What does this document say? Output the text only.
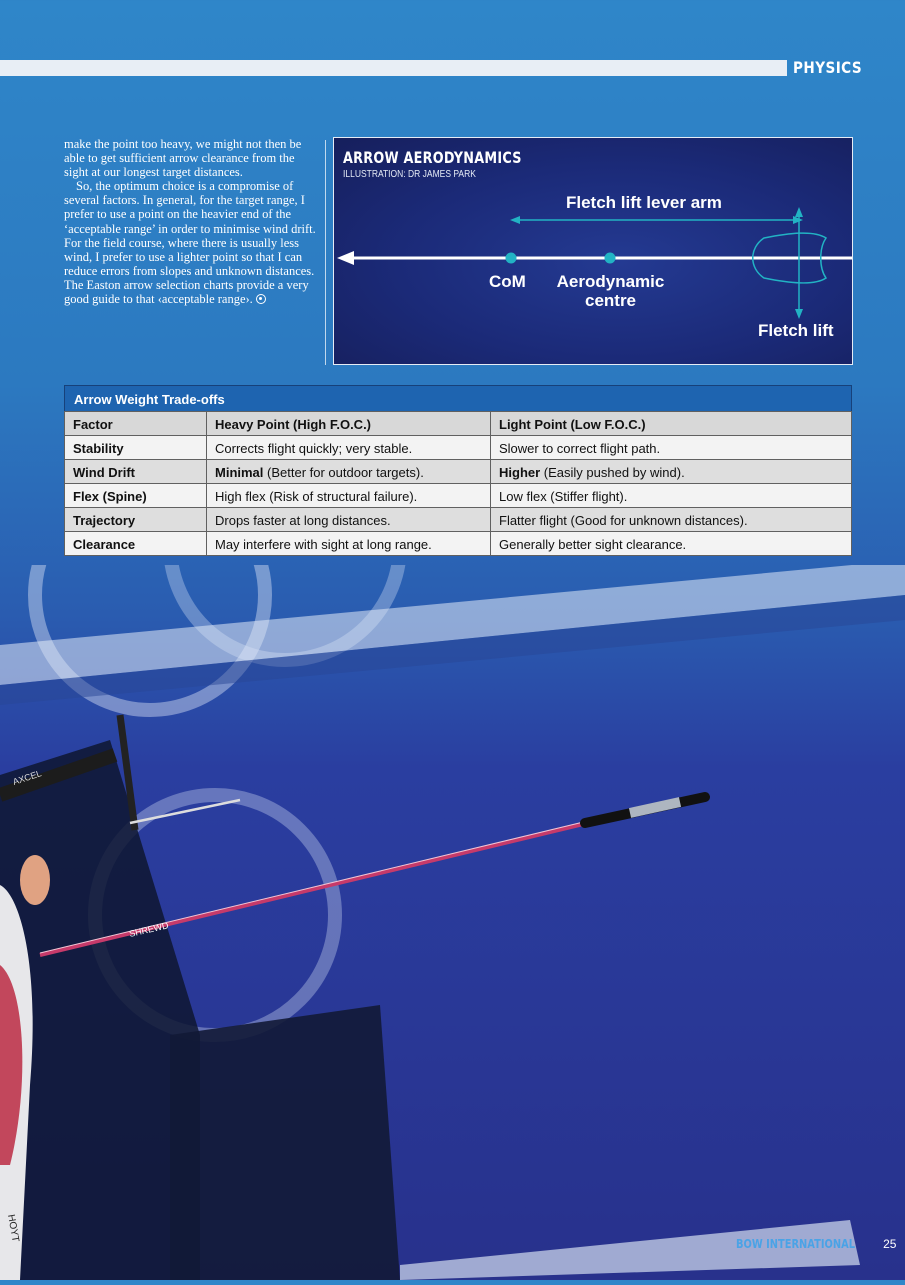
AXCEL
SHREWD
HOYT
PHYSICS

make the point too heavy, we might not then be able to get sufficient arrow clearance from the sight at our longest target distances.

So, the optimum choice is a compromise of several factors. In general, for the target range, I prefer to use a point on the heavier end of the ‘acceptable range’ in order to minimise wind drift. For the field course, where there is usually less wind, I prefer to use a lighter point so that I can reduce errors from slopes and unknown distances.

The Easton arrow selection charts provide a very good guide to that ‹acceptable range›.

ARROW AERODYNAMICS
ILLUSTRATION: DR JAMES PARK
Fletch lift lever arm
CoM	Aerodynamic centre
Fletch lift
Arrow Weight Trade-offs
Factor	Heavy Point (High F.O.C.)	Light Point (Low F.O.C.)
Stability	Corrects flight quickly; very stable.	Slower to correct flight path.
Wind Drift	Minimal (Better for outdoor targets).	Higher (Easily pushed by wind).
Flex (Spine)	High flex (Risk of structural failure).	Low flex (Stiffer flight).
Trajectory	Drops faster at long distances.	Flatter flight (Good for unknown distances).
Clearance	May interfere with sight at long range.	Generally better sight clearance.
BOW INTERNATIONAL 25
